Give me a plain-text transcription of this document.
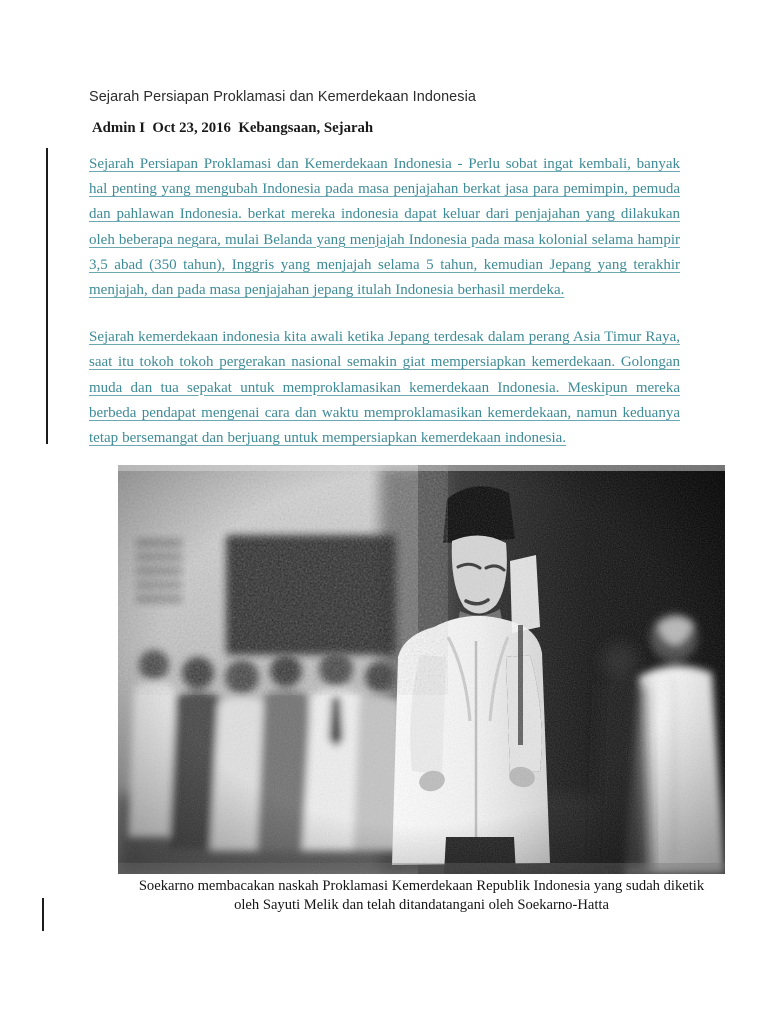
Sejarah Persiapan Proklamasi dan Kemerdekaan Indonesia
Admin I  Oct 23, 2016  Kebangsaan, Sejarah

Sejarah Persiapan Proklamasi dan Kemerdekaan Indonesia - Perlu sobat ingat kembali, banyak hal penting yang mengubah Indonesia pada masa penjajahan berkat jasa para pemimpin, pemuda dan pahlawan Indonesia. berkat mereka indonesia dapat keluar dari penjajahan yang dilakukan oleh beberapa negara, mulai Belanda yang menjajah Indonesia pada masa kolonial selama hampir 3,5 abad (350 tahun), Inggris yang menjajah selama 5 tahun, kemudian Jepang yang terakhir menjajah, dan pada masa penjajahan jepang itulah Indonesia berhasil merdeka.

Sejarah kemerdekaan indonesia kita awali ketika Jepang terdesak dalam perang Asia Timur Raya, saat itu tokoh tokoh pergerakan nasional semakin giat mempersiapkan kemerdekaan. Golongan muda dan tua sepakat untuk memproklamasikan kemerdekaan Indonesia. Meskipun mereka berbeda pendapat mengenai cara dan waktu memproklamasikan kemerdekaan, namun keduanya tetap bersemangat dan berjuang untuk mempersiapkan kemerdekaan indonesia.

Soekarno membacakan naskah Proklamasi Kemerdekaan Republik Indonesia yang sudah diketik oleh Sayuti Melik dan telah ditandatangani oleh Soekarno-Hatta
